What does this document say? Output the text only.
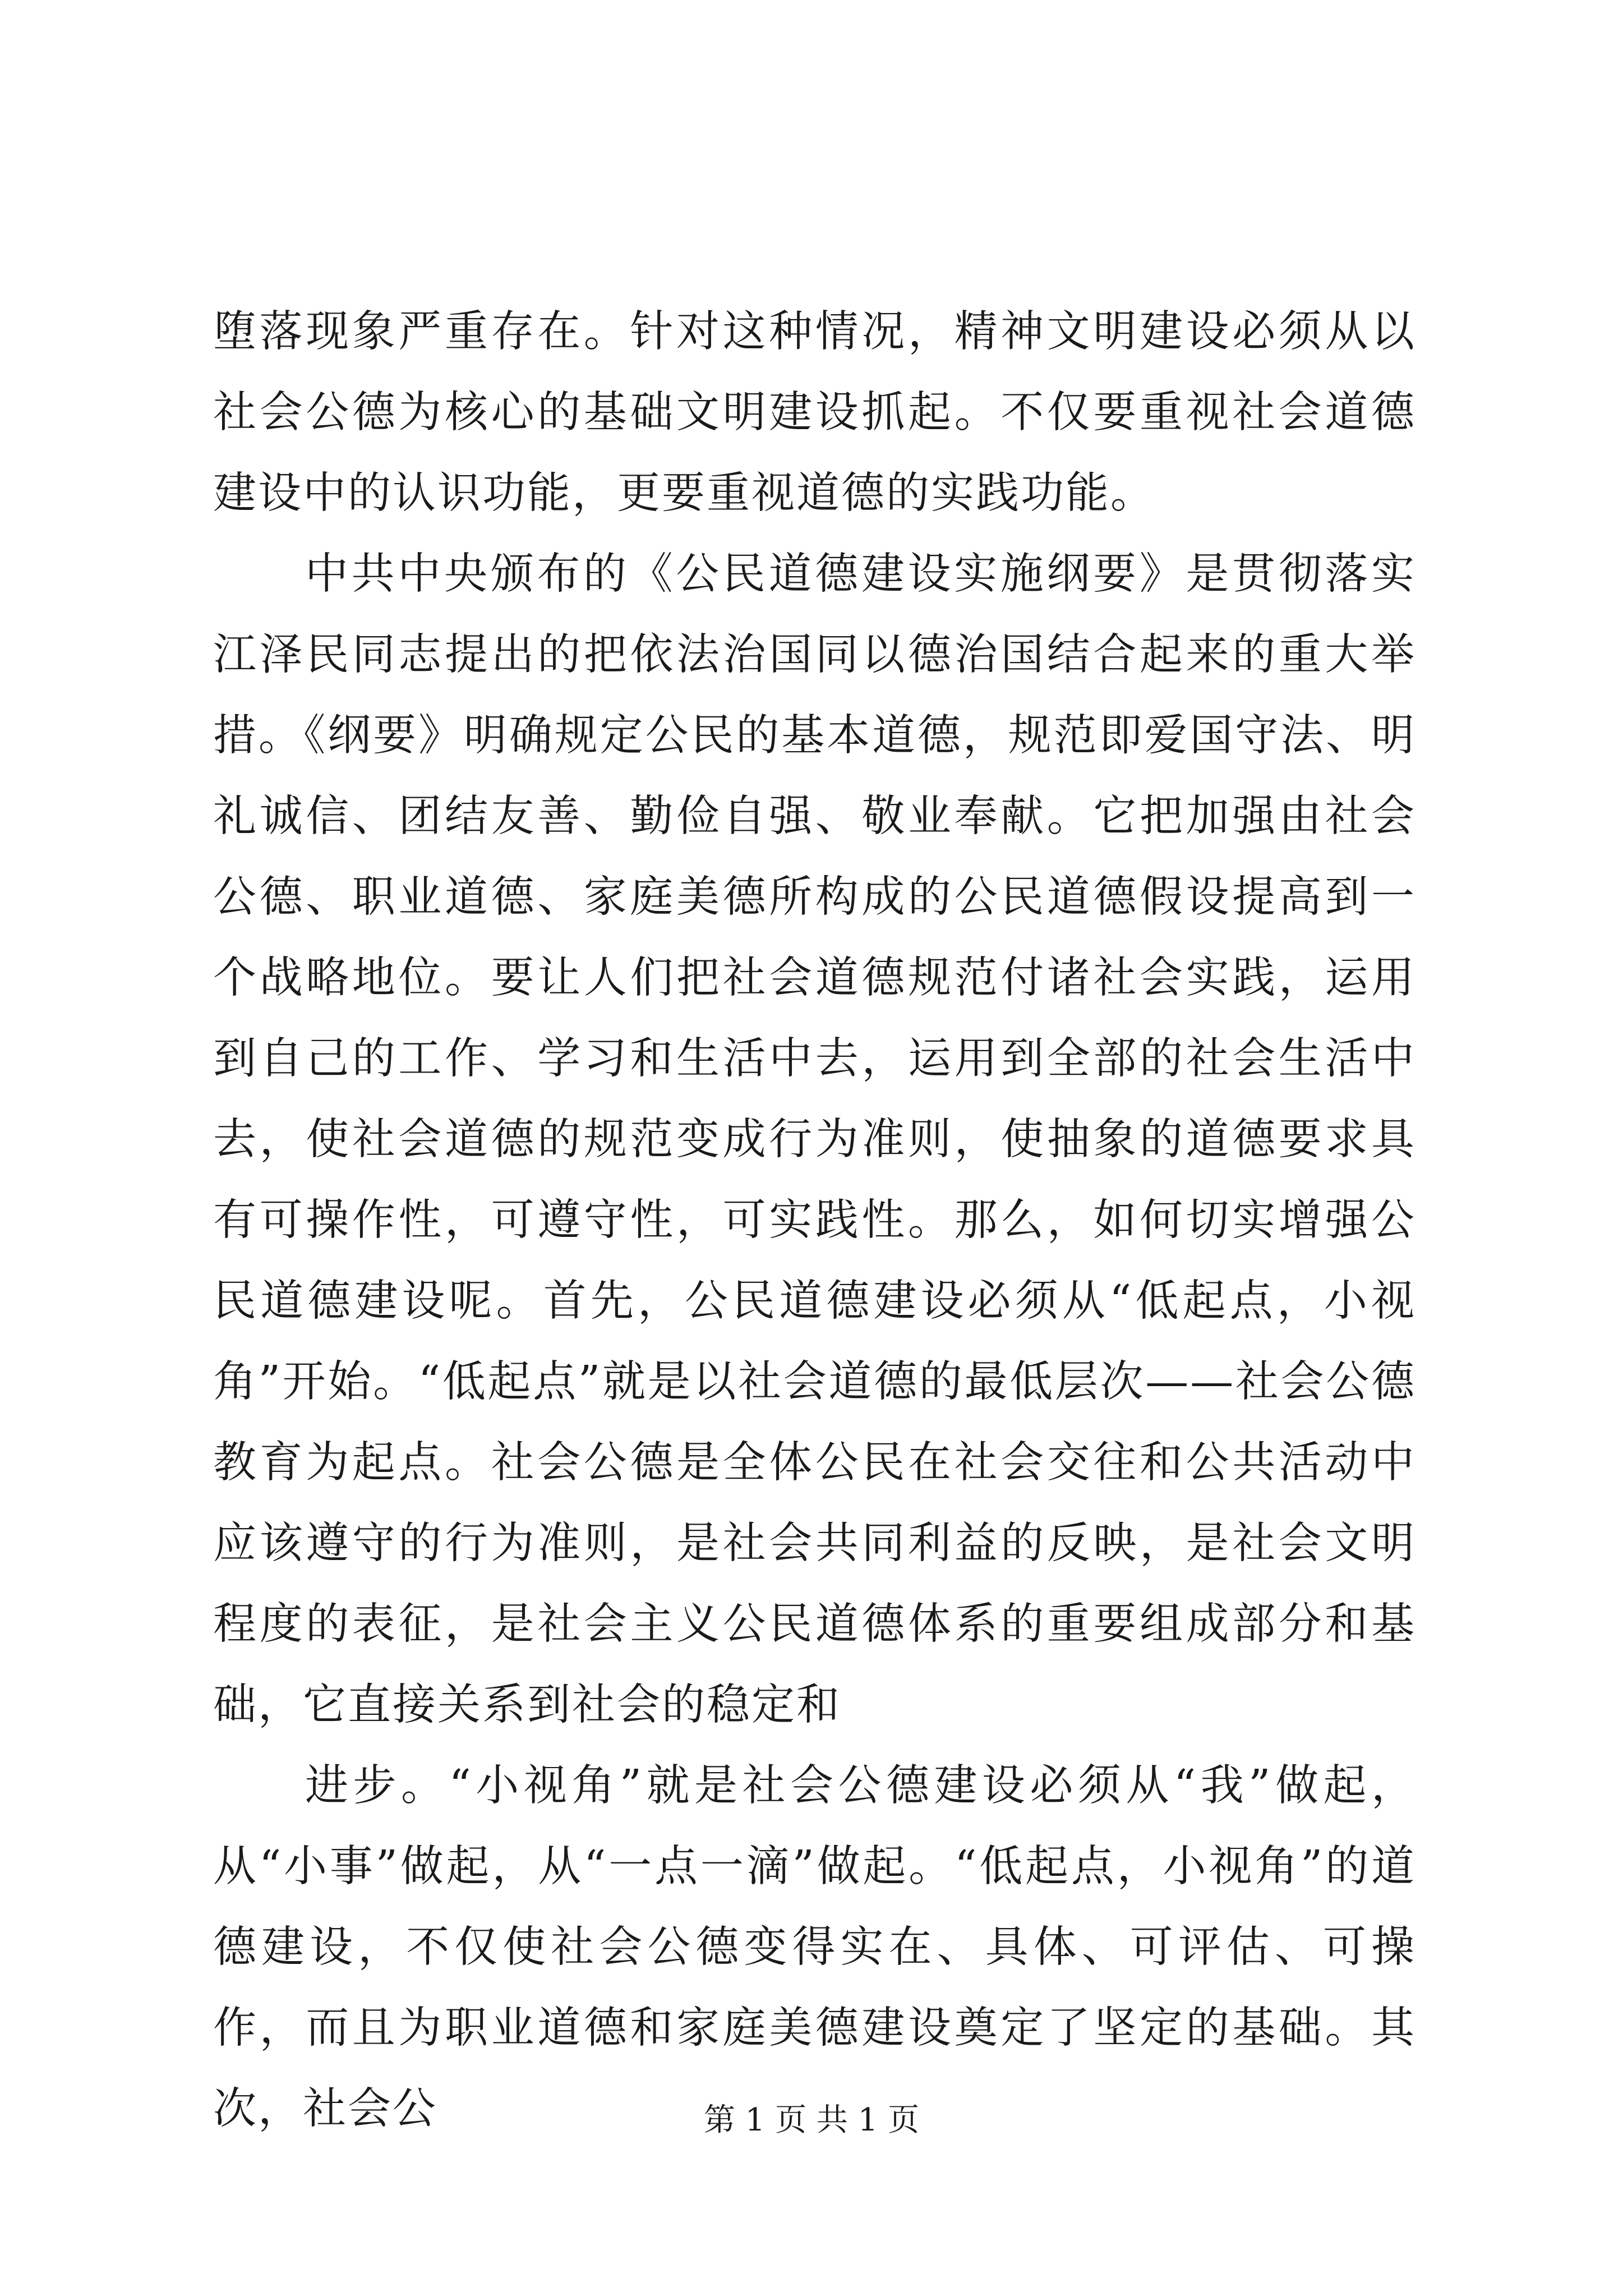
堕落现象严重存在。针对这种情况，精神文明建设必须从以社会公德为核心的基础文明建设抓起。不仅要重视社会道德建设中的认识功能，更要重视道德的实践功能。

中共中央颁布的《公民道德建设实施纲要》是贯彻落实江泽民同志提出的把依法治国同以德治国结合起来的重大举措。《纲要》明确规定公民的基本道德，规范即爱国守法、明礼诚信、团结友善、勤俭自强、敬业奉献。它把加强由社会公德、职业道德、家庭美德所构成的公民道德假设提高到一个战略地位。要让人们把社会道德规范付诸社会实践，运用到自己的工作、学习和生活中去，运用到全部的社会生活中去，使社会道德的规范变成行为准则，使抽象的道德要求具有可操作性，可遵守性，可实践性。那么，如何切实增强公民道德建设呢。首先，公民道德建设必须从“低起点，小视角”开始。“低起点”就是以社会道德的最低层次——社会公德教育为起点。社会公德是全体公民在社会交往和公共活动中应该遵守的行为准则，是社会共同利益的反映，是社会文明程度的表征，是社会主义公民道德体系的重要组成部分和基础，它直接关系到社会的稳定和

进步。“小视角”就是社会公德建设必须从“我”做起，从“小事”做起，从“一点一滴”做起。“低起点，小视角”的道德建设，不仅使社会公德变得实在、具体、可评估、可操作，而且为职业道德和家庭美德建设奠定了坚定的基础。其次，社会公	第 1 页 共 1 页
